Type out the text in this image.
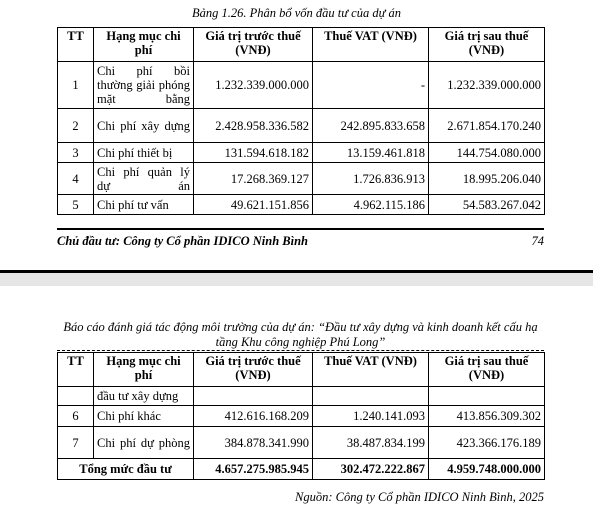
Bảng 1.26. Phân bổ vốn đầu tư của dự án
TT	Hạng mục chi phí	Giá trị trước thuế (VNĐ)	Thuế VAT (VNĐ)	Giá trị sau thuế (VNĐ)
1	Chi phí bồi thường giải phóng mặt bằng	1.232.339.000.000	-	1.232.339.000.000
2	Chi phí xây dựng	2.428.958.336.582	242.895.833.658	2.671.854.170.240
3	Chi phí thiết bị	131.594.618.182	13.159.461.818	144.754.080.000
4	Chi phí quản lý dự án	17.268.369.127	1.726.836.913	18.995.206.040
5	Chi phí tư vấn	49.621.151.856	4.962.115.186	54.583.267.042
Chủ đầu tư: Công ty Cổ phần IDICO Ninh Bình	74
Báo cáo đánh giá tác động môi trường của dự án: “Đầu tư xây dựng và kinh doanh kết cấu hạ tầng Khu công nghiệp Phú Long”
TT	Hạng mục chi phí	Giá trị trước thuế (VNĐ)	Thuế VAT (VNĐ)	Giá trị sau thuế (VNĐ)
	đầu tư xây dựng			
6	Chi phí khác	412.616.168.209	1.240.141.093	413.856.309.302
7	Chi phí dự phòng	384.878.341.990	38.487.834.199	423.366.176.189
Tổng mức đầu tư		4.657.275.985.945	302.472.222.867	4.959.748.000.000
Nguồn: Công ty Cổ phần IDICO Ninh Bình, 2025
